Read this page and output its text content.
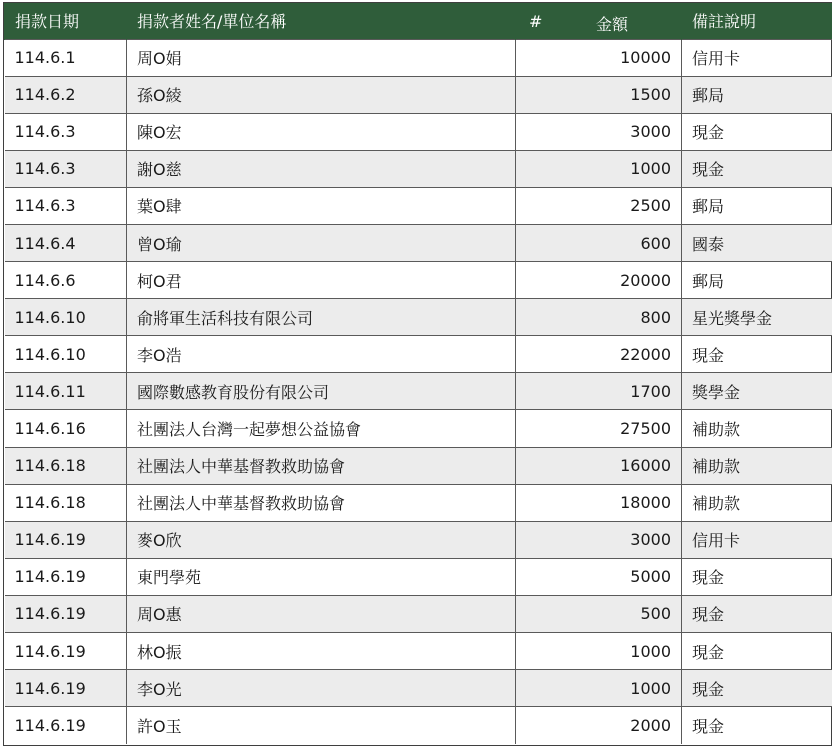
捐款日期	捐款者姓名/單位名稱	# 金額	備註說明
114.6.1	周O娟	10000	信用卡
114.6.2	孫O綾	1500	郵局
114.6.3	陳O宏	3000	現金
114.6.3	謝O慈	1000	現金
114.6.3	葉O肆	2500	郵局
114.6.4	曾O瑜	600	國泰
114.6.6	柯O君	20000	郵局
114.6.10	俞將軍生活科技有限公司	800	星光獎學金
114.6.10	李O浩	22000	現金
114.6.11	國際數感教育股份有限公司	1700	獎學金
114.6.16	社團法人台灣一起夢想公益協會	27500	補助款
114.6.18	社團法人中華基督教救助協會	16000	補助款
114.6.18	社團法人中華基督教救助協會	18000	補助款
114.6.19	麥O欣	3000	信用卡
114.6.19	東門學苑	5000	現金
114.6.19	周O惠	500	現金
114.6.19	林O振	1000	現金
114.6.19	李O光	1000	現金
114.6.19	許O玉	2000	現金
